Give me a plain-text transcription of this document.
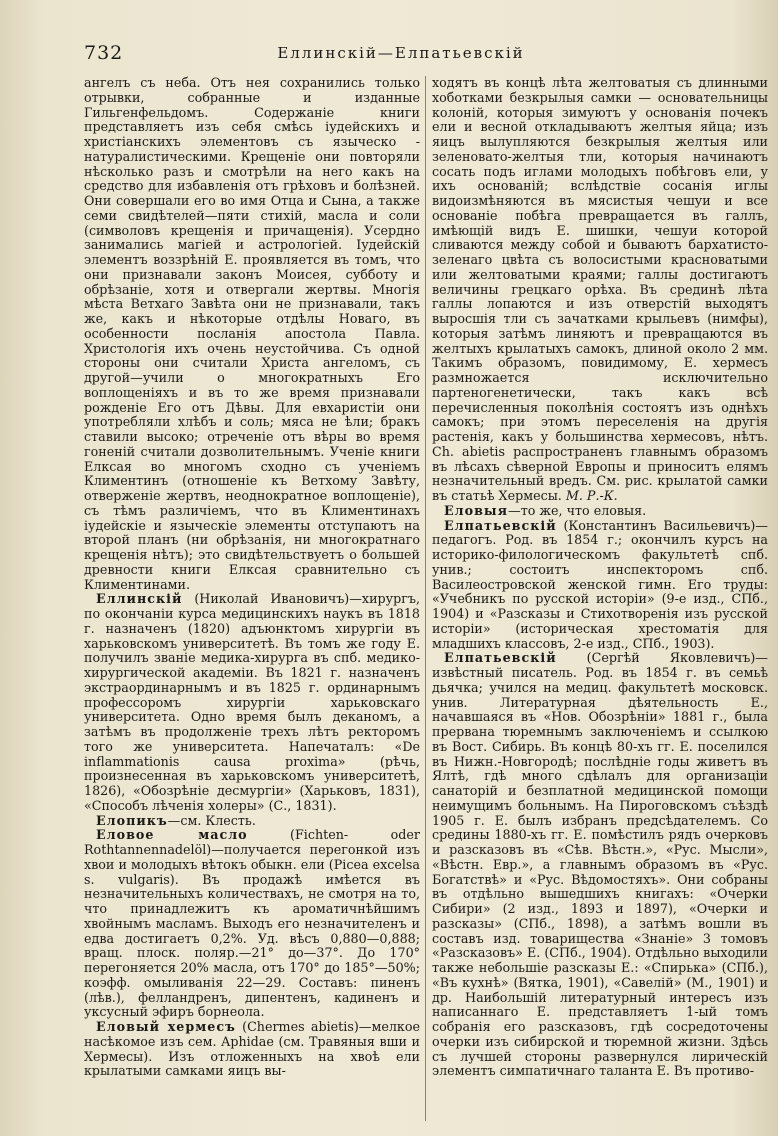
732	Еллинскій—Елпатьевскій

ангелъ съ неба. Отъ нея сохранились только отрывки, собранные и изданные Гильгенфельдомъ. Содержаніе книги представляетъ изъ себя смѣсь іудейскихъ и христіанскихъ элементовъ съ языческо - натуралистическими. Крещеніе они повторяли нѣсколько разъ и смотрѣли на него какъ на средство для избавленія отъ грѣховъ и болѣзней. Они совершали его во имя Отца и Сына, а также семи свидѣтелей—пяти стихій, масла и соли (символовъ крещенія и причащенія). Усердно занимались магіей и астрологіей. Іудейскій элементъ воззрѣній Е. проявляется въ томъ, что они признавали законъ Моисея, субботу и обрѣзаніе, хотя и отвергали жертвы. Многія мѣста Ветхаго Завѣта они не признавали, такъ же, какъ и нѣкоторые отдѣлы Новаго, въ особенности посланія апостола Павла. Христологія ихъ очень неустойчива. Съ одной стороны они считали Христа ангеломъ, съ другой—учили о многократныхъ Его воплощеніяхъ и въ то же время признавали рожденіе Его отъ Дѣвы. Для евхаристіи они употребляли хлѣбъ и соль; мяса не ѣли; бракъ ставили высоко; отреченіе отъ вѣры во время гоненій считали дозволительнымъ. Ученіе книги Елксая во многомъ сходно съ ученіемъ Климентинъ (отношеніе къ Ветхому Завѣту, отверженіе жертвъ, неоднократное воплощеніе), съ тѣмъ различіемъ, что въ Климентинахъ іудейскіе и языческіе элементы отступаютъ на второй планъ (ни обрѣзанія, ни многократнаго крещенія нѣтъ); это свидѣтельствуетъ о большей древности книги Елксая сравнительно съ Климентинами.

Еллинскій (Николай Ивановичъ)—хирургъ, по окончаніи курса медицинскихъ наукъ въ 1818 г. назначенъ (1820) адъюнктомъ хирургіи въ харьковскомъ университетѣ. Въ томъ же году Е. получилъ званіе медика-хирурга въ спб. медико-хирургической академіи. Въ 1821 г. назначенъ экстраординарнымъ и въ 1825 г. ординарнымъ профессоромъ хирургіи харьковскаго университета. Одно время былъ деканомъ, а затѣмъ въ продолженіе трехъ лѣтъ ректоромъ того же университета. Напечаталъ: «De inflammationis causa proxima» (рѣчь, произнесенная въ харьковскомъ университетѣ, 1826), «Обозрѣніе десмургіи» (Харьковъ, 1831), «Способъ лѣченія холеры» (С., 1831).

Елопикъ—см. Клесть.

Еловое масло (Fichten- oder Rothtannennadelöl)—получается перегонкой изъ хвои и молодыхъ вѣтокъ обыкн. ели (Picea excelsa s. vulgaris). Въ продажѣ имѣется въ незначительныхъ количествахъ, не смотря на то, что принадлежитъ къ ароматичнѣйшимъ хвойнымъ масламъ. Выходъ его незначителенъ и едва достигаетъ 0,2%. Уд. вѣсъ 0,880—0,888; вращ. плоск. поляр.—21° до—37°. До 170° перегоняется 20% масла, отъ 170° до 185°—50%; коэфф. омыливанія 22—29. Составъ: пиненъ (лѣв.), фелландренъ, дипентенъ, кадиненъ и уксусный эфиръ борнеола.

Еловый хермесъ (Chermes abietis)—мелкое насѣкомое изъ сем. Aphidae (см. Травяныя вши и Хермесы). Изъ отложенныхъ на хвоѣ ели крылатыми самками яицъ вы-

ходятъ въ концѣ лѣта желтоватыя съ длинными хоботками безкрылыя самки — основательницы колоній, которыя зимуютъ у основанія почекъ ели и весной откладываютъ желтыя яйца; изъ яицъ вылупляются безкрылыя желтыя или зеленовато-желтыя тли, которыя начинаютъ сосать подъ иглами молодыхъ побѣговъ ели, у ихъ основаній; вслѣдствіе сосанія иглы видоизмѣняются въ мясистыя чешуи и все основаніе побѣга превращается въ галлъ, имѣющій видъ Е. шишки, чешуи которой сливаются между собой и бываютъ бархатисто-зеленаго цвѣта съ волосистыми красноватыми или желтоватыми краями; галлы достигаютъ величины грецкаго орѣха. Въ срединѣ лѣта галлы лопаются и изъ отверстій выходятъ выросшія тли съ зачатками крыльевъ (нимфы), которыя затѣмъ линяютъ и превращаются въ желтыхъ крылатыхъ самокъ, длиной около 2 мм. Такимъ образомъ, повидимому, Е. хермесъ размножается исключительно партеногенетически, такъ какъ всѣ перечисленныя поколѣнія состоятъ изъ однѣхъ самокъ; при этомъ переселенія на другія растенія, какъ у большинства хермесовъ, нѣтъ. Ch. abietis распространенъ главнымъ образомъ въ лѣсахъ сѣверной Европы и приноситъ елямъ незначительный вредъ. См. рис. крылатой самки въ статьѣ Хермесы. М. Р.-К.

Еловыя—то же, что еловыя.

Елпатьевскій (Константинъ Васильевичъ)—педагогъ. Род. въ 1854 г.; окончилъ курсъ на историко-филологическомъ факультетѣ спб. унив.; состоитъ инспекторомъ спб. Василеостровской женской гимн. Его труды: «Учебникъ по русской исторіи» (9-е изд., СПб., 1904) и «Разсказы и Стихотворенія изъ русской исторіи» (историческая хрестоматія для младшихъ классовъ, 2-е изд., СПб., 1903).

Елпатьевскій (Сергѣй Яковлевичъ)—извѣстный писатель. Род. въ 1854 г. въ семьѣ дьячка; учился на медиц. факультетѣ московск. унив. Литературная дѣятельность Е., начавшаяся въ «Нов. Обозрѣніи» 1881 г., была прервана тюремнымъ заключеніемъ и ссылкою въ Вост. Сибирь. Въ концѣ 80-хъ гг. Е. поселился въ Нижн.-Новгородѣ; послѣдніе годы живетъ въ Ялтѣ, гдѣ много сдѣлалъ для организаціи санаторій и безплатной медицинской помощи неимущимъ больнымъ. На Пироговскомъ съѣздѣ 1905 г. Е. былъ избранъ предсѣдателемъ. Со средины 1880-хъ гг. Е. помѣстилъ рядъ очерковъ и разсказовъ въ «Сѣв. Вѣстн.», «Рус. Мысли», «Вѣстн. Евр.», а главнымъ образомъ въ «Рус. Богатствѣ» и «Рус. Вѣдомостяхъ». Они собраны въ отдѣльно вышедшихъ книгахъ: «Очерки Сибири» (2 изд., 1893 и 1897), «Очерки и разсказы» (СПб., 1898), а затѣмъ вошли въ составъ изд. товарищества «Знаніе» 3 томовъ «Разсказовъ» Е. (СПб., 1904). Отдѣльно выходили также небольшіе разсказы Е.: «Спирька» (СПб.), «Въ кухнѣ» (Вятка, 1901), «Савелій» (М., 1901) и др. Наибольшій литературный интересъ изъ написаннаго Е. представляетъ 1-ый томъ собранія его разсказовъ, гдѣ сосредоточены очерки изъ сибирской и тюремной жизни. Здѣсь съ лучшей стороны развернулся лирическій элементъ симпатичнаго таланта Е. Въ противо-
